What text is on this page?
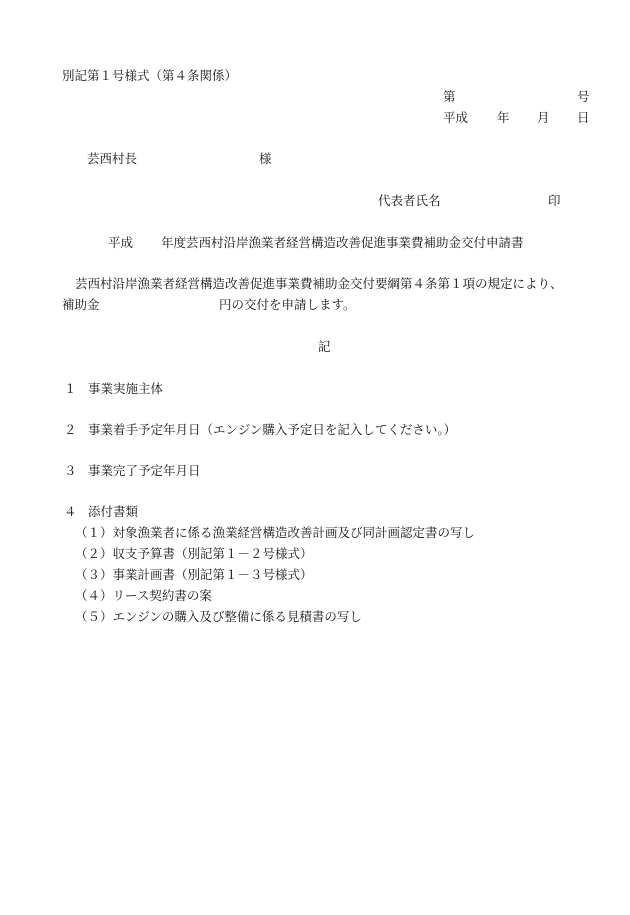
別記第１号様式（第４条関係）
第	号
平成 年 月 日
芸西村長	様
代表者氏名	印
平成 年度芸西村沿岸漁業者経営構造改善促進事業費補助金交付申請書
芸西村沿岸漁業者経営構造改善促進事業費補助金交付要綱第４条第１項の規定により、
補助金	円の交付を申請します。
記
１ 事業実施主体
２ 事業着手予定年月日（エンジン購入予定日を記入してください。）
３ 事業完了予定年月日
４ 添付書類
（１）対象漁業者に係る漁業経営構造改善計画及び同計画認定書の写し
（２）収支予算書（別記第１－２号様式）
（３）事業計画書（別記第１－３号様式）
（４）リース契約書の案
（５）エンジンの購入及び整備に係る見積書の写し
